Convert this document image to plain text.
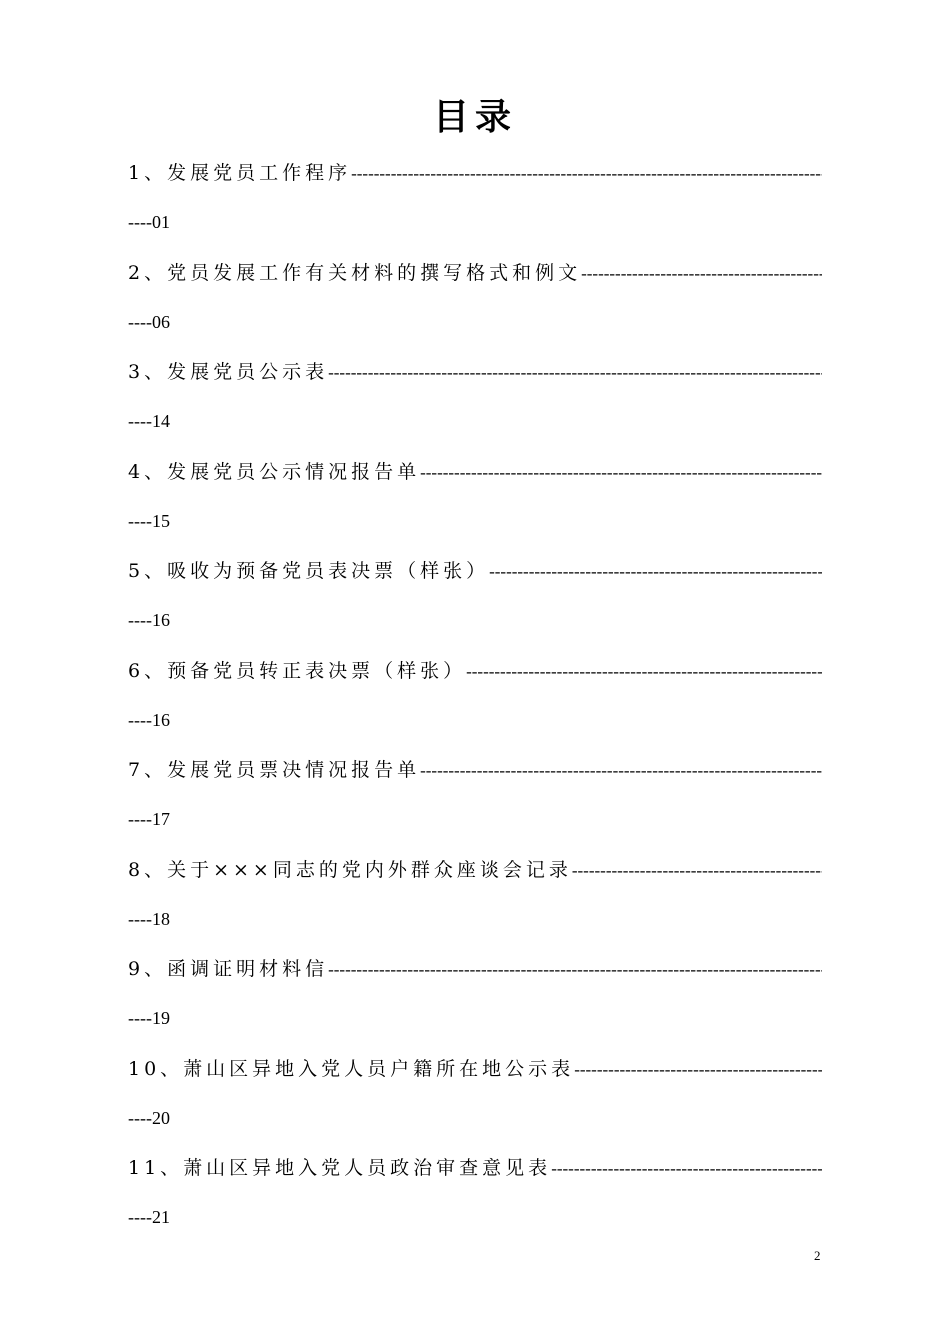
目录
1、发展党员工作程序
-----
----01
2、党员发展工作有关材料的撰写格式和例文
-----
----06
3、发展党员公示表
-----
----14
4、发展党员公示情况报告单
-----
----15
5、吸收为预备党员表决票（样张）
-----
----16
6、预备党员转正表决票（样张）
-----
----16
7、发展党员票决情况报告单
-----
----17
8、关于×××同志的党内外群众座谈会记录
-----
----18
9、函调证明材料信
-----
----19
10、萧山区异地入党人员户籍所在地公示表
-----
----20
11、萧山区异地入党人员政治审查意见表
-----
----21
2
